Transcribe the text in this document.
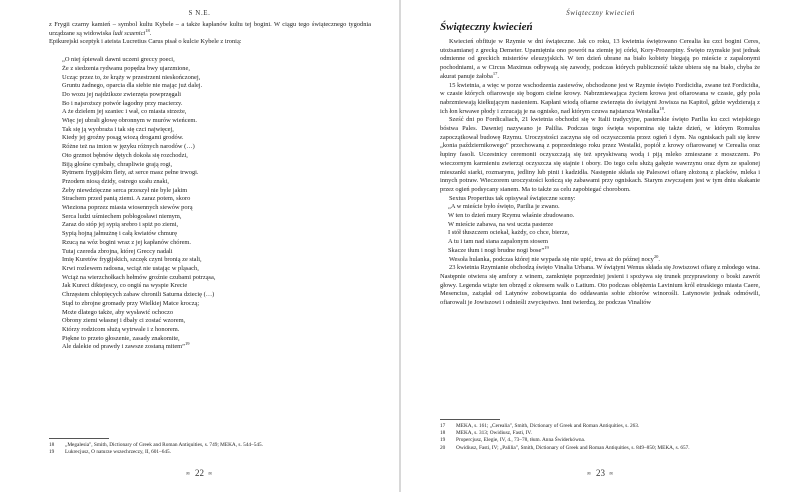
S N.E.

z Frygii czarny kamień – symbol kultu Kybele – a także kapłanów kultu tej bogini. W ciągu tego świątecznego tygodnia urządzane są widowiska ludi scaenici$^{18}$.

Epikurejski sceptyk i ateista Lucretius Carus pisał o kulcie Kybele z ironią:

„O niej śpiewali dawni uczeni greccy poeci,
Że z siedzenia rydwanu popędza bwy ujarzmione,
Ucząc przez to, że krąży w przestrzeni nieskończonej,
Gruntu żadnego, oparcia dla siebie nie mając już dalej.
Do wozu jej najdziksze zwierzęta powprzęgali
Bo i najsroższy potwór łagodny przy macierzy.
A że dzielem jej szaniec i wał, co miasta strzeże,
Więc jej ubrali głowę obronnym w murów wieńcem.
Tak się ją wyobraża i tak się czci najwięcej,
Kiedy jej groźny posąg wiozą drogami grodów.
Różne też na imion w języku różnych narodów (…)
Oto grzmot bębnów dętych dokoła się rozchodzi,
Biją głośne cymbały, chrapliwie grają rogi,
Rytmem frygijskim flety, aż serce masz pełne trwogi.
Przodem niosą dzidy, ostrego szału znaki,
Żeby niewdzięczne serca przeszył nie byle jakim
Strachem przed panią ziemi. A zaraz potem, skoro
Wieziona poprzez miasta wiosennych siewów porą
Serca ludzi uśmiechem pobłogosławi niemym,
Zaraz do stóp jej sypią srebro i spiż po ziemi,
Sypią hojną jałmużnę i całą kwiatów chmurę
Rzucą na wóz bogini wraz z jej kapłanów chórem.
Tutaj czereda zbrojna, której Greccy nadali
Imię Kuretów frygijskich, szczęk czyni bronią ze stali,
Krwi rozlewem radosna, wciąż nie ustając w pląsach,
Wciąż na wierzchołkach hełmów groźnie czubami potrząsa,
Jak Kureci diktejescy, co ongiś na wyspie Krecie
Chrzęstem chłopięcych zabaw chronili Saturna dziecię (…)
Stąd to zbrojne gromady przy Wielkiej Matce kroczą;
Może dlatego także, aby wysławić ochoczo
Obrony ziemi własnej i dbały ci zostać wzorem,
Którzy rodzicom służą wytrwale i z honorem.
Piękne to przeto głoszenie, zasady znakomite,
Ale dalekie od prawdy i zawsze zostaną mitem”$^{19}$
18	„Megalesia", Smith, Dictionary of Greek and Roman Antiquities, s. 749; MEKA, s. 544–545.
19	Lukrecjusz, O naturze wszechrzeczy, II, 601–645.
∞ 22 ∞
Świąteczny kwiecień
Świąteczny kwiecień

Kwiecień obfituje w Rzymie w dni świąteczne. Jak co roku, 13 kwietnia świętowano Cerealia ku czci bogini Ceres, utożsamianej z grecką Demeter. Upamiętnia ono powrót na ziemię jej córki, Kory-Prozerpiny. Święto rzymskie jest jednak odmienne od greckich misteriów eleuzyjskich. W ten dzień ubrane na biało kobiety biegają po mieście z zapalonymi pochodniami, a w Circus Maximus odbywają się zawody, podczas których publiczność także ubiera się na biało, chyba że akurat panuje żałoba$^{17}$.

15 kwietnia, a więc w porze wschodzenia zasiewów, obchodzone jest w Rzymie święto Fordicidia, zwane też Fordicidia, w czasie których ofiarowuje się bogom cielne krowy. Nabrzmiewająca życiem krowa jest ofiarowana w czasie, gdy pola nabrzmiewają kiełkującym nasieniem. Kapłani wiodą ofiarne zwierzęta do świątyni Jowisza na Kapitol, gdzie wydzierają z ich łon krwawe płody i zrzucają je na ognisko, nad którym czuwa najstarsza Westalka$^{18}$.

Sześć dni po Fordicaliach, 21 kwietnia obchodzi się w Italii tradycyjne, pasterskie święto Parilia ku czci wiejskiego bóstwa Pales. Dawniej nazywano je Palilia. Podczas tego święta wspomina się także dzień, w którym Romulus zapoczątkował budowę Rzymu. Uroczystości zaczyna się od oczyszczenia przez ogień i dym. Na ogniskach pali się krew „konia październikowego" przechowaną z poprzedniego roku przez Westalki, popiół z krowy ofiarowanej w Cerealia oraz łupiny fasoli. Uczestnicy ceremonii oczyszczają się też spryskiwaną wodą i piją mleko zmieszane z moszczem. Po wieczornym karmieniu zwierząt oczyszcza się stajnie i obory. Do tego celu służą gałęzie wawrzynu oraz dym ze spalonej mieszanki siarki, rozmarynu, jedliny lub pinii i kadzidła. Następnie składa się Palesowi ofiarę złożoną z placków, mleka i innych potraw. Wieczorem uroczystości kończą się zabawami przy ogniskach. Starym zwyczajem jest w tym dniu skakanie przez ogień podsycany sianem. Ma to także za celu zapobiegać chorobom.

Sextus Propertius tak opisywał świąteczne sceny:

„A w mieście było święto, Parilia je zwano.
W ten to dzień mury Rzymu właśnie zbudowano.
W mieście zabawa, na wsi uczta pasterze
I stół tłuszczem ociekał, każdy, co chce, bierze,
A tu i tam nad siana zapalonym stosem
Skacze tłum i nogi brudne nogi bose”$^{19}$

Wesoła hulanka, podczas której nie wypada się nie upić, trwa aż do późnej nocy$^{20}$.

23 kwietnia Rzymianie obchodzą święto Vinalia Urbana. W świątyni Wenus składa się Jowiszowi ofiarę z młodego wina. Następnie otwiera się amfory z winem, zamknięte poprzedniej jesieni i spożywa się trunek przyprawiony o boski zawrót głowy. Legenda wiąże ten obrzęd z okresem walk o Latium. Oto podczas oblężenia Lavinium król etruskiego miasta Caere, Mesencius, zażądał od Latynów zobowiązania do oddawania sobie zbiorów winorośli. Latynowie jednak odmówili, ofiarowali je Jowiszowi i odnieśli zwycięstwo. Inni twierdzą, że podczas Vinaliów

17	MEKA, s. 161; „Cerealia", Smith, Dictionary of Greek and Roman Antiquities, s. 263.
18	MEKA, s. 313; Owidiusz, Fasti, IV.
19	Propercjusz, Elegie, IV, 4., 73–78, tłum. Anna Świderkówna.
20	Owidiusz, Fasti, IV; „Palilia", Smith, Dictionary of Greek and Roman Antiquities, s. 849–850; MEKA, s. 657.
∞ 23 ∞
